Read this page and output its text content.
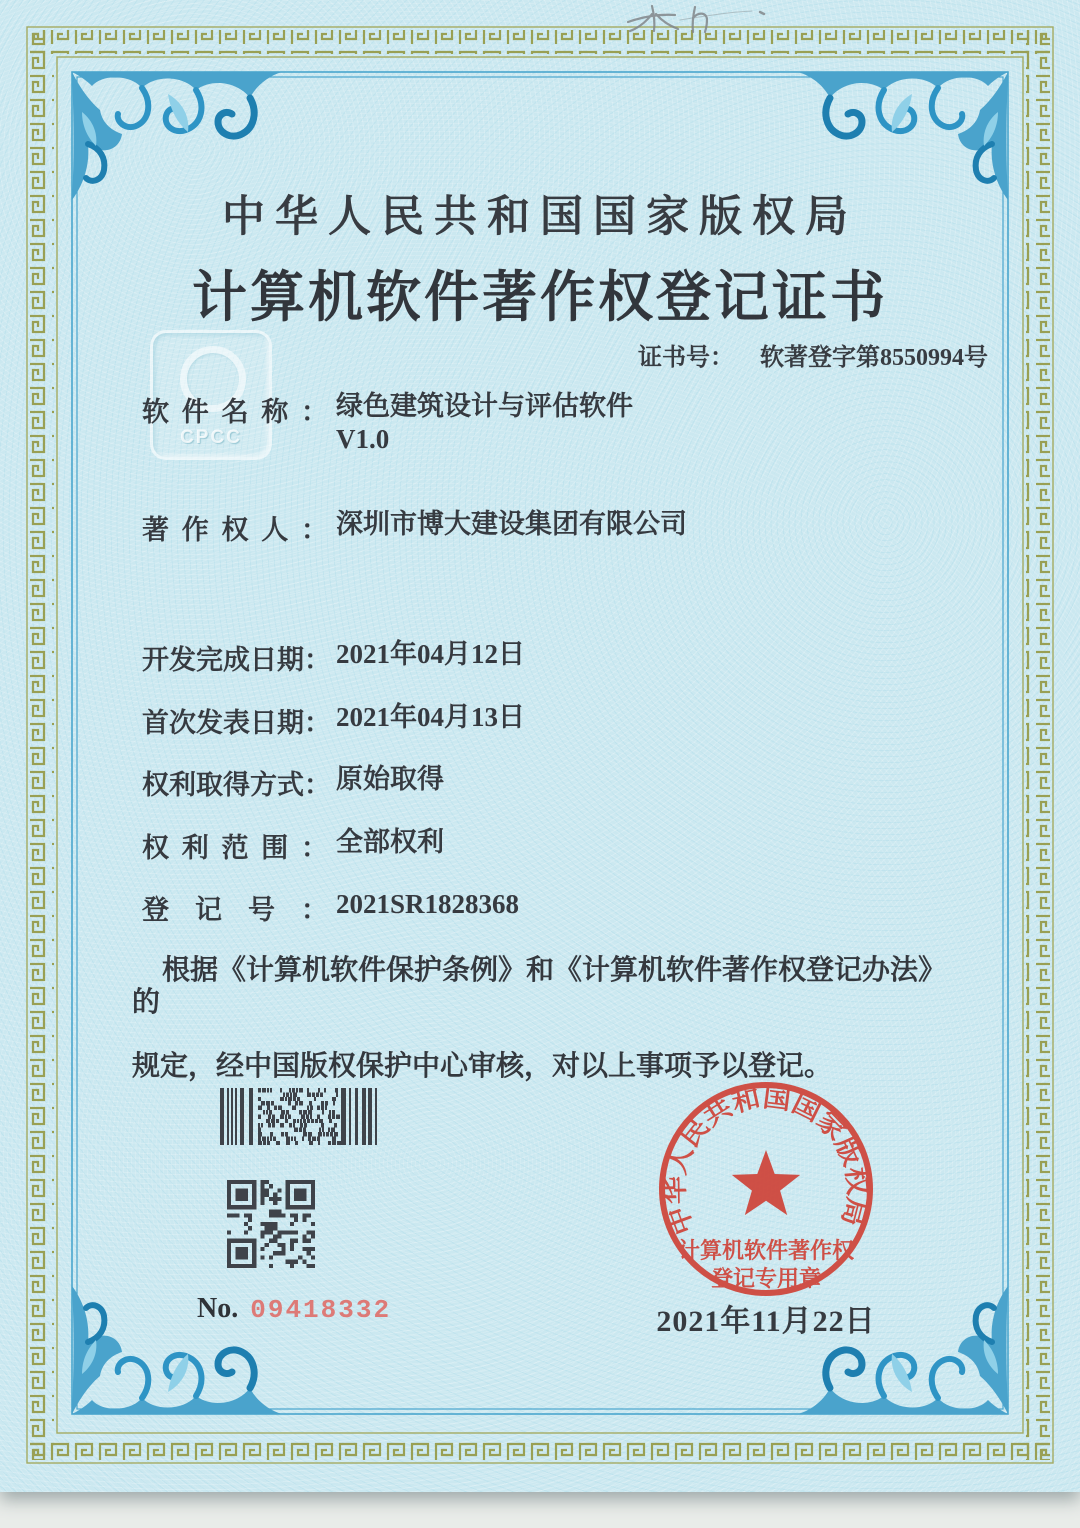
CPCC
中华人民共和国国家版权局
计算机软件著作权登记证书
证书号： 软著登字第8550994号
软件名称： 绿色建筑设计与评估软件
V1.0
著作权人： 深圳市博大建设集团有限公司
开发完成日期： 2021年04月12日
首次发表日期： 2021年04月13日
权利取得方式： 原始取得
权利范围： 全部权利
登记号： 2021SR1828368
根据《计算机软件保护条例》和《计算机软件著作权登记办法》的
规定，经中国版权保护中心审核，对以上事项予以登记。
No. 09418332
中华人民共和国国家版权局
计算机软件著作权
登记专用章
2021年11月22日
